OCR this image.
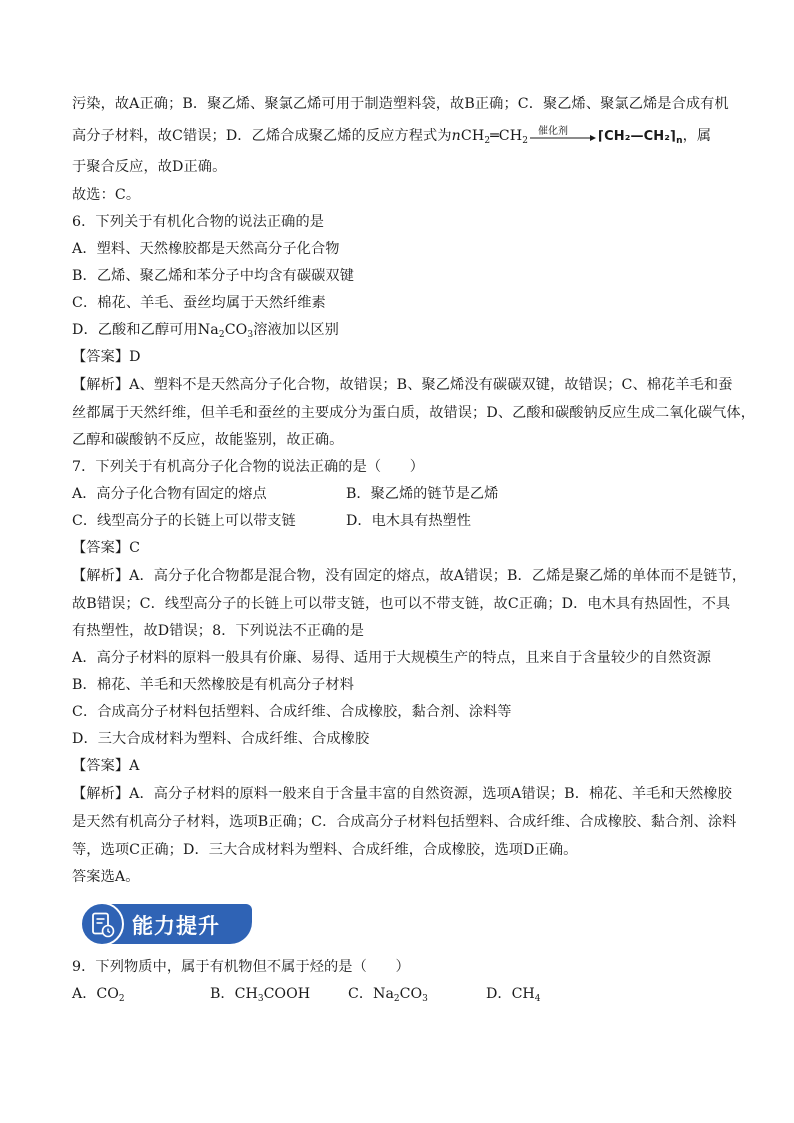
污染，故A正确；B．聚乙烯、聚氯乙烯可用于制造塑料袋，故B正确；C．聚乙烯、聚氯乙烯是合成有机
高分子材料，故C错误；D．乙烯合成聚乙烯的反应方程式为$nCH_2═CH_2$
催化剂 $⌈CH_2—CH_2⌉_n$，属
于聚合反应，故D正确。
故选：C。
6．下列关于有机化合物的说法正确的是
A．塑料、天然橡胶都是天然高分子化合物
B．乙烯、聚乙烯和苯分子中均含有碳碳双键
C．棉花、羊毛、蚕丝均属于天然纤维素
D．乙酸和乙醇可用$Na_2CO_3$溶液加以区别
【答案】D
【解析】A、塑料不是天然高分子化合物，故错误；B、聚乙烯没有碳碳双键，故错误；C、棉花羊毛和蚕
丝都属于天然纤维，但羊毛和蚕丝的主要成分为蛋白质，故错误；D、乙酸和碳酸钠反应生成二氧化碳气体，
乙醇和碳酸钠不反应，故能鉴别，故正确。
7．下列关于有机高分子化合物的说法正确的是（　　）
A．高分子化合物有固定的熔点	B．聚乙烯的链节是乙烯
C．线型高分子的长链上可以带支链	D．电木具有热塑性
【答案】C
【解析】A．高分子化合物都是混合物，没有固定的熔点，故A错误；B．乙烯是聚乙烯的单体而不是链节，
故B错误；C．线型高分子的长链上可以带支链，也可以不带支链，故C正确；D．电木具有热固性，不具
有热塑性，故D错误；8．下列说法不正确的是
A．高分子材料的原料一般具有价廉、易得、适用于大规模生产的特点，且来自于含量较少的自然资源
B．棉花、羊毛和天然橡胶是有机高分子材料
C．合成高分子材料包括塑料、合成纤维、合成橡胶，黏合剂、涂料等
D．三大合成材料为塑料、合成纤维、合成橡胶
【答案】A
【解析】A．高分子材料的原料一般来自于含量丰富的自然资源，选项A错误；B．棉花、羊毛和天然橡胶
是天然有机高分子材料，选项B正确；C．合成高分子材料包括塑料、合成纤维、合成橡胶、黏合剂、涂料
等，选项C正确；D．三大合成材料为塑料、合成纤维，合成橡胶，选项D正确。
答案选A。
能力提升
9．下列物质中，属于有机物但不属于烃的是（　　）
A．$CO_2$	B．$CH_3COOH$	C．$Na_2CO_3$	D．$CH_4$
